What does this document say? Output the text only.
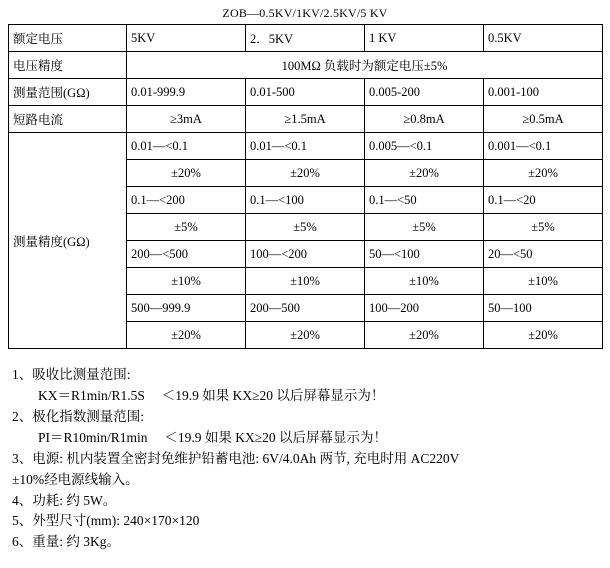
ZOB—0.5KV/1KV/2.5KV/5 KV
额定电压	5KV	2．5KV	1 KV	0.5KV
电压精度	100MΩ 负载时为额定电压±5%			
测量范围(GΩ)	0.01-999.9	0.01-500	0.005-200	0.001-100
短路电流	≥3mA	≥1.5mA	≥0.8mA	≥0.5mA
测量精度(GΩ)	0.01—<0.1	0.01—<0.1	0.005—<0.1	0.001—<0.1
	±20%	±20%	±20%	±20%
	0.1—<200	0.1—<100	0.1—<50	0.1—<20
	±5%	±5%	±5%	±5%
	200—<500	100—<200	50—<100	20—<50
	±10%	±10%	±10%	±10%
	500—999.9	200—500	100—200	50—100
	±20%	±20%	±20%	±20%
1、吸收比测量范围:
KX＝R1min/R1.5S     ＜19.9 如果 KX≥20 以后屏幕显示为！
2、极化指数测量范围:
PI＝R10min/R1min     ＜19.9 如果 KX≥20 以后屏幕显示为！
3、电源: 机内装置全密封免维护铅蓄电池: 6V/4.0Ah 两节, 充电时用 AC220V
±10%经电源线输入。
4、功耗: 约 5W。
5、外型尺寸(mm): 240×170×120
6、重量: 约 3Kg。
